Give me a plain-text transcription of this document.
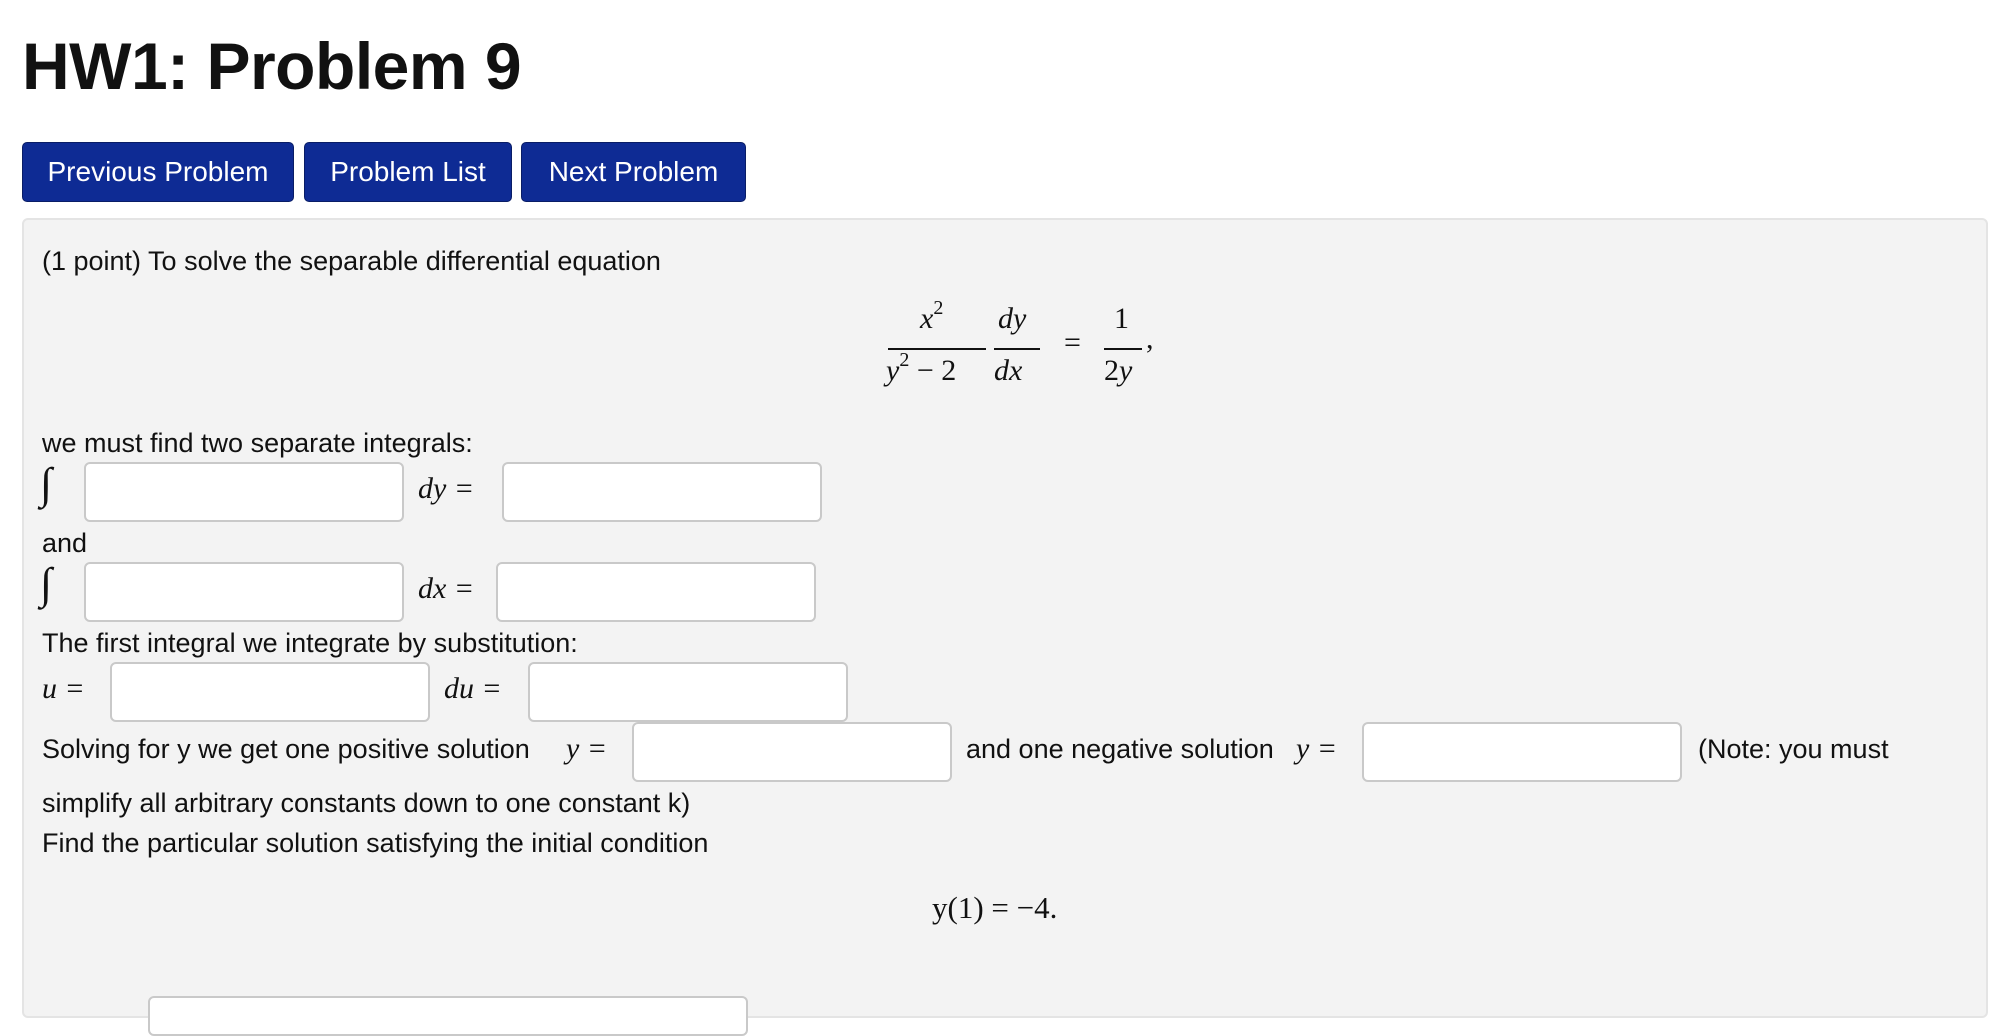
HW1: Problem 9
Previous Problem	Problem List	Next Problem
(1 point) To solve the separable differential equation
$x^2$
$y^2 - 2$
dy
dx
=
1
2y
,
we must find two separate integrals:
∫	dy =
and
∫	dx =
The first integral we integrate by substitution:
u =	du =
Solving for y we get one positive solution y =	and one negative solution y =	(Note: you must
simplify all arbitrary constants down to one constant k)
Find the particular solution satisfying the initial condition
y(1) = −4.
